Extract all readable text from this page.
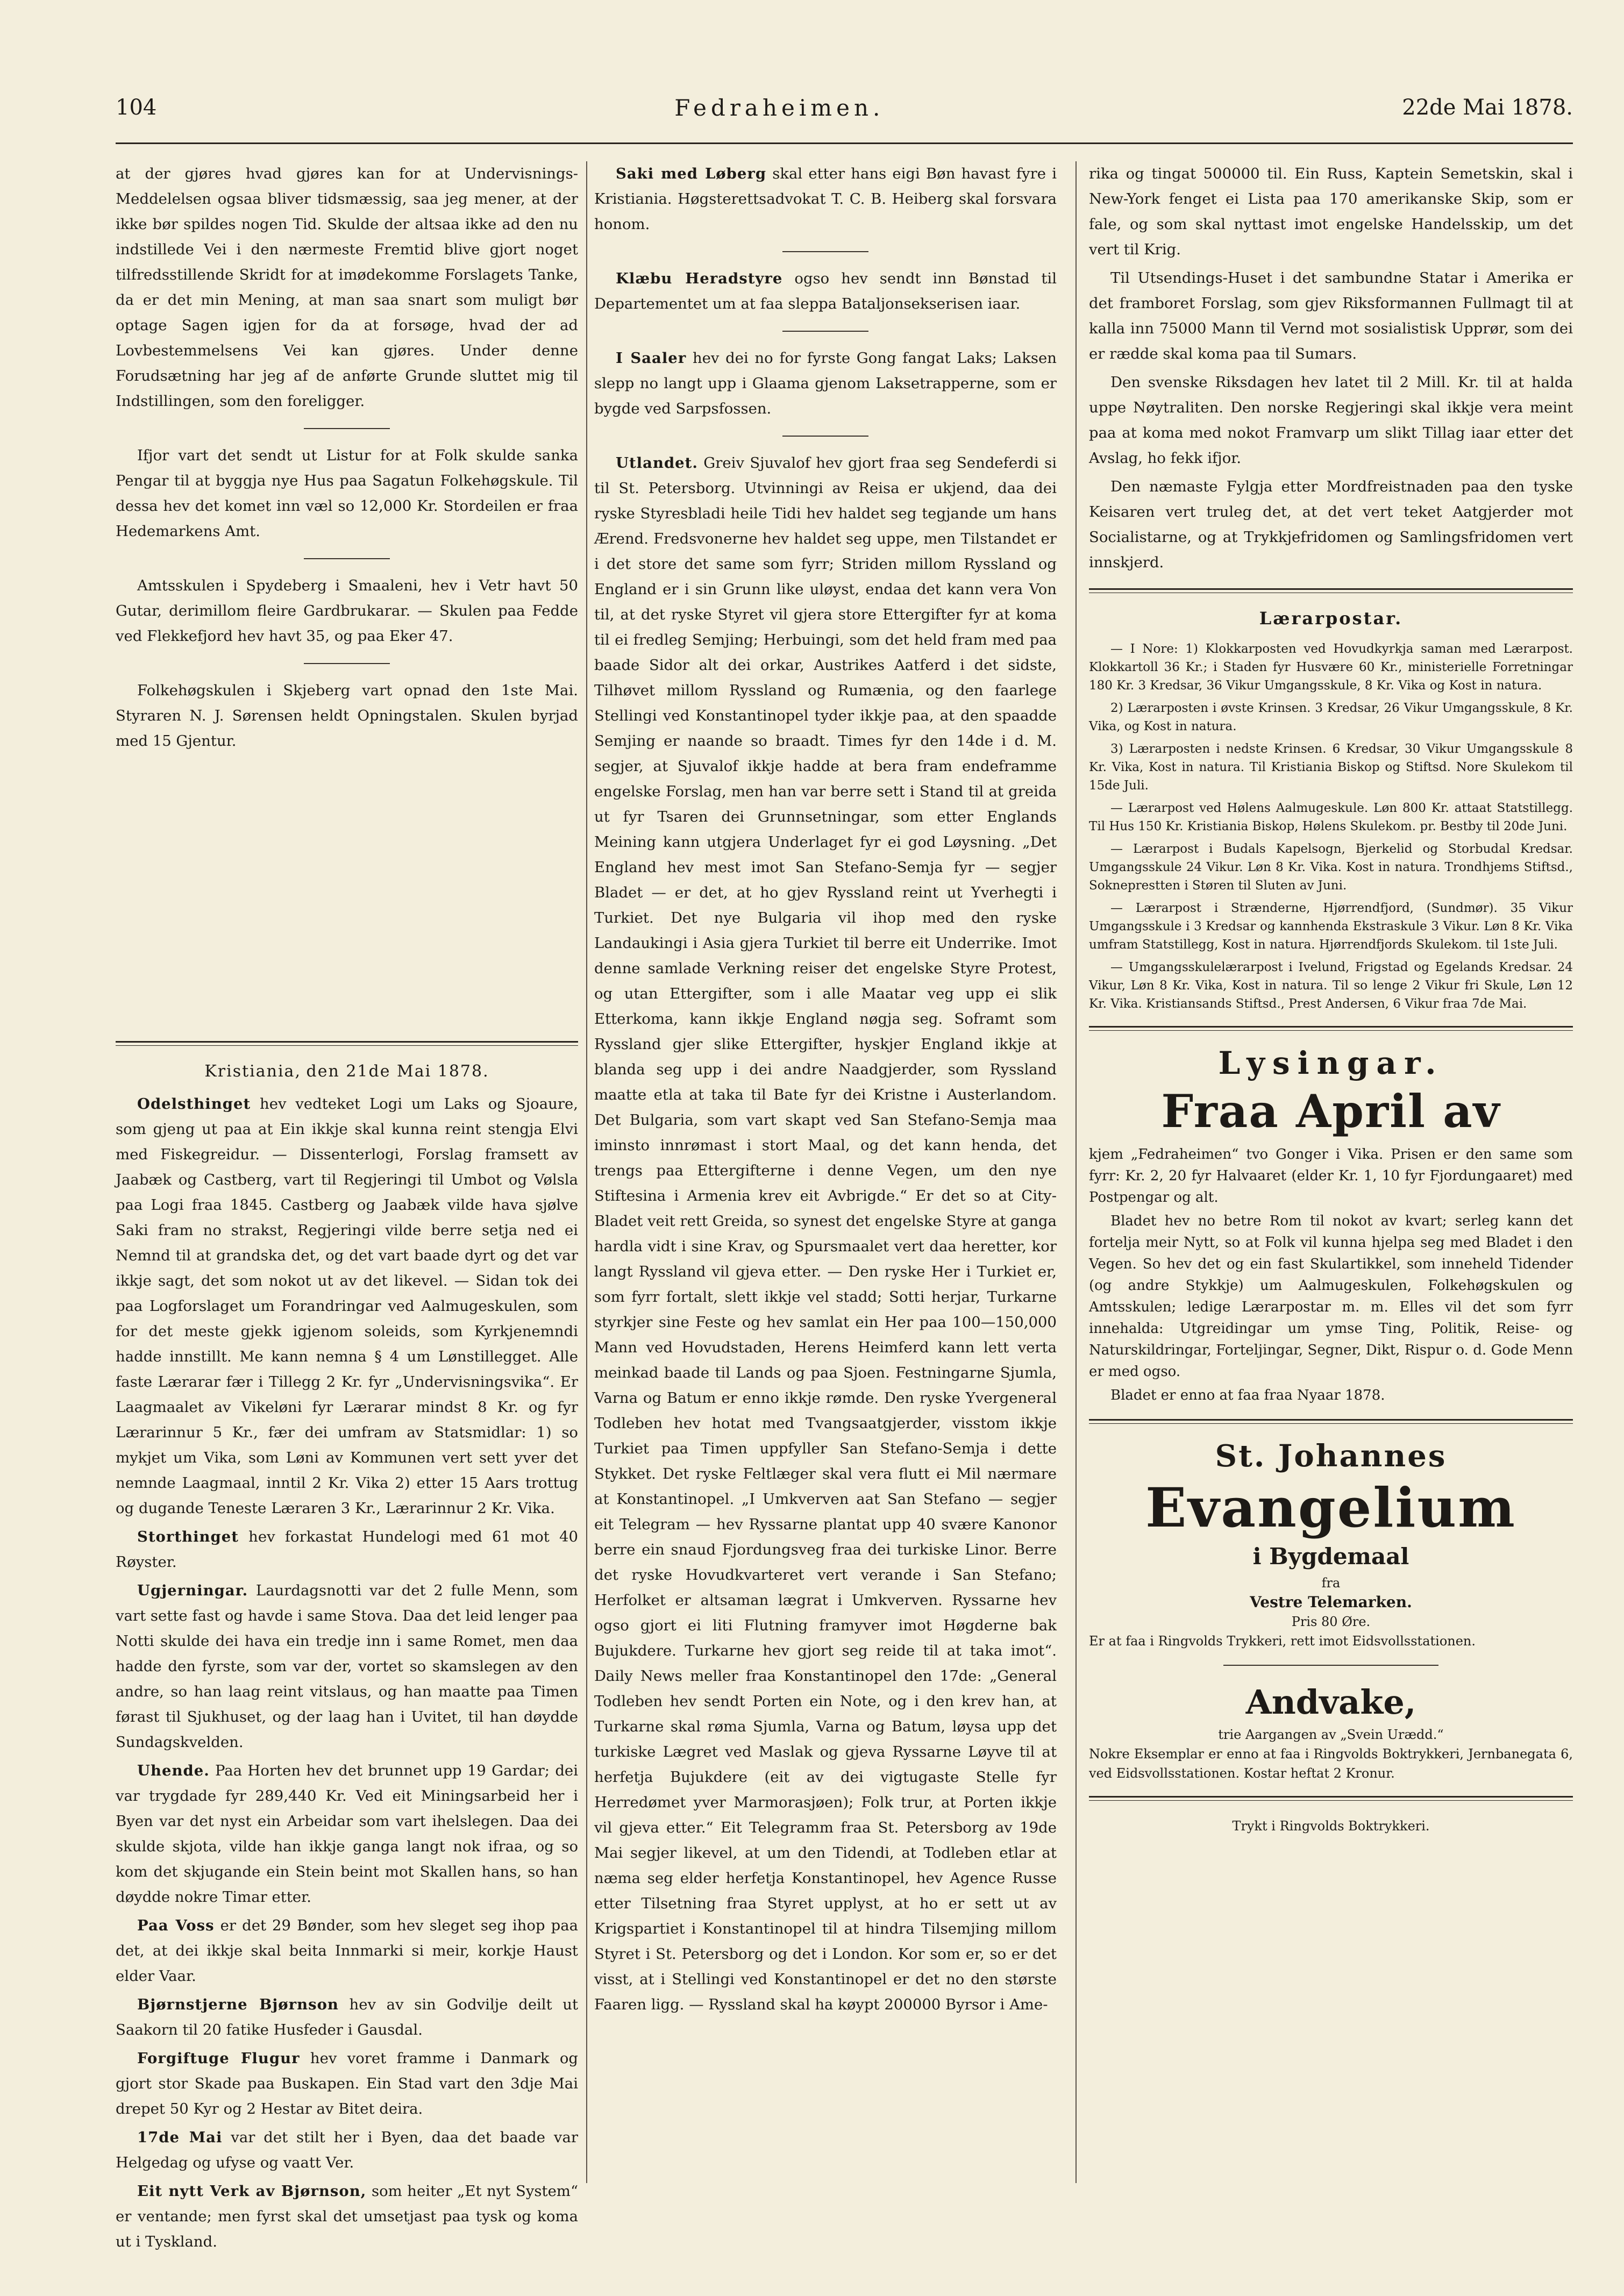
104	Fedraheimen.	22de Mai 1878.

at der gjøres hvad gjøres kan for at Undervisnings-Meddelelsen ogsaa bliver tidsmæssig, saa jeg mener, at der ikke bør spildes nogen Tid. Skulde der altsaa ikke ad den nu indstillede Vei i den nærmeste Fremtid blive gjort noget tilfredsstillende Skridt for at imødekomme Forslagets Tanke, da er det min Mening, at man saa snart som muligt bør optage Sagen igjen for da at forsøge, hvad der ad Lovbestemmelsens Vei kan gjøres. Under denne Forudsætning har jeg af de anførte Grunde sluttet mig til Indstillingen, som den foreligger.

Ifjor vart det sendt ut Listur for at Folk skulde sanka Pengar til at byggja nye Hus paa Sagatun Folkehøgskule. Til dessa hev det komet inn væl so 12,000 Kr. Stordeilen er fraa Hedemarkens Amt.

Amtsskulen i Spydeberg i Smaaleni, hev i Vetr havt 50 Gutar, derimillom fleire Gardbrukarar. — Skulen paa Fedde ved Flekkefjord hev havt 35, og paa Eker 47.

Folkehøgskulen i Skjeberg vart opnad den 1ste Mai. Styraren N. J. Sørensen heldt Opningstalen. Skulen byrjad med 15 Gjentur.

Kristiania, den 21de Mai 1878.

Odelsthinget hev vedteket Logi um Laks og Sjoaure, som gjeng ut paa at Ein ikkje skal kunna reint stengja Elvi med Fiskegreidur. — Dissenterlogi, Forslag framsett av Jaabæk og Castberg, vart til Regjeringi til Umbot og Vølsla paa Logi fraa 1845. Castberg og Jaabæk vilde hava sjølve Saki fram no strakst, Regjeringi vilde berre setja ned ei Nemnd til at grandska det, og det vart baade dyrt og det var ikkje sagt, det som nokot ut av det likevel. — Sidan tok dei paa Logforslaget um Forandringar ved Aalmugeskulen, som for det meste gjekk igjenom soleids, som Kyrkjenemndi hadde innstillt. Me kann nemna § 4 um Lønstillegget. Alle faste Lærarar fær i Tillegg 2 Kr. fyr „Undervisningsvika“. Er Laagmaalet av Vikeløni fyr Lærarar mindst 8 Kr. og fyr Lærarinnur 5 Kr., fær dei umfram av Statsmidlar: 1) so mykjet um Vika, som Løni av Kommunen vert sett yver det nemnde Laagmaal, inntil 2 Kr. Vika 2) etter 15 Aars trottug og dugande Teneste Læraren 3 Kr., Lærarinnur 2 Kr. Vika.

Storthinget hev forkastat Hundelogi med 61 mot 40 Røyster.

Ugjerningar. Laurdagsnotti var det 2 fulle Menn, som vart sette fast og havde i same Stova. Daa det leid lenger paa Notti skulde dei hava ein tredje inn i same Romet, men daa hadde den fyrste, som var der, vortet so skamslegen av den andre, so han laag reint vitslaus, og han maatte paa Timen førast til Sjukhuset, og der laag han i Uvitet, til han døydde Sundagskvelden.

Uhende. Paa Horten hev det brunnet upp 19 Gardar; dei var trygdade fyr 289,440 Kr. Ved eit Miningsarbeid her i Byen var det nyst ein Arbeidar som vart ihelslegen. Daa dei skulde skjota, vilde han ikkje ganga langt nok ifraa, og so kom det skjugande ein Stein beint mot Skallen hans, so han døydde nokre Timar etter.

Paa Voss er det 29 Bønder, som hev sleget seg ihop paa det, at dei ikkje skal beita Innmarki si meir, korkje Haust elder Vaar.

Bjørnstjerne Bjørnson hev av sin Godvilje deilt ut Saakorn til 20 fatike Husfeder i Gausdal.

Forgiftuge Flugur hev voret framme i Danmark og gjort stor Skade paa Buskapen. Ein Stad vart den 3dje Mai drepet 50 Kyr og 2 Hestar av Bitet deira.

17de Mai var det stilt her i Byen, daa det baade var Helgedag og ufyse og vaatt Ver.

Eit nytt Verk av Bjørnson, som heiter „Et nyt System“ er ventande; men fyrst skal det umsetjast paa tysk og koma ut i Tyskland.

Saki med Løberg skal etter hans eigi Bøn havast fyre i Kristiania. Høgsterettsadvokat T. C. B. Heiberg skal forsvara honom.

Klæbu Heradstyre ogso hev sendt inn Bønstad til Departementet um at faa sleppa Bataljonsekserisen iaar.

I Saaler hev dei no for fyrste Gong fangat Laks; Laksen slepp no langt upp i Glaama gjenom Laksetrapperne, som er bygde ved Sarpsfossen.

Utlandet. Greiv Sjuvalof hev gjort fraa seg Sendeferdi si til St. Petersborg. Utvinningi av Reisa er ukjend, daa dei ryske Styresbladi heile Tidi hev haldet seg tegjande um hans Ærend. Fredsvonerne hev haldet seg uppe, men Tilstandet er i det store det same som fyrr; Striden millom Ryssland og England er i sin Grunn like uløyst, endaa det kann vera Von til, at det ryske Styret vil gjera store Ettergifter fyr at koma til ei fredleg Semjing; Herbuingi, som det held fram med paa baade Sidor alt dei orkar, Austrikes Aatferd i det sidste, Tilhøvet millom Ryssland og Rumænia, og den faarlege Stellingi ved Konstantinopel tyder ikkje paa, at den spaadde Semjing er naande so braadt. Times fyr den 14de i d. M. segjer, at Sjuvalof ikkje hadde at bera fram endeframme engelske Forslag, men han var berre sett i Stand til at greida ut fyr Tsaren dei Grunnsetningar, som etter Englands Meining kann utgjera Underlaget fyr ei god Løysning. „Det England hev mest imot San Stefano-Semja fyr — segjer Bladet — er det, at ho gjev Ryssland reint ut Yverhegti i Turkiet. Det nye Bulgaria vil ihop med den ryske Landaukingi i Asia gjera Turkiet til berre eit Underrike. Imot denne samlade Verkning reiser det engelske Styre Protest, og utan Ettergifter, som i alle Maatar veg upp ei slik Etterkoma, kann ikkje England nøgja seg. Soframt som Ryssland gjer slike Ettergifter, hyskjer England ikkje at blanda seg upp i dei andre Naadgjerder, som Ryssland maatte etla at taka til Bate fyr dei Kristne i Austerlandom. Det Bulgaria, som vart skapt ved San Stefano-Semja maa iminsto innrømast i stort Maal, og det kann henda, det trengs paa Ettergifterne i denne Vegen, um den nye Stiftesina i Armenia krev eit Avbrigde.“ Er det so at City-Bladet veit rett Greida, so synest det engelske Styre at ganga hardla vidt i sine Krav, og Spursmaalet vert daa heretter, kor langt Ryssland vil gjeva etter. — Den ryske Her i Turkiet er, som fyrr fortalt, slett ikkje vel stadd; Sotti herjar, Turkarne styrkjer sine Feste og hev samlat ein Her paa 100—150,000 Mann ved Hovudstaden, Herens Heimferd kann lett verta meinkad baade til Lands og paa Sjoen. Festningarne Sjumla, Varna og Batum er enno ikkje rømde. Den ryske Yvergeneral Todleben hev hotat med Tvangsaatgjerder, visstom ikkje Turkiet paa Timen uppfyller San Stefano-Semja i dette Stykket. Det ryske Feltlæger skal vera flutt ei Mil nærmare at Konstantinopel. „I Umkverven aat San Stefano — segjer eit Telegram — hev Ryssarne plantat upp 40 svære Kanonor berre ein snaud Fjordungsveg fraa dei turkiske Linor. Berre det ryske Hovudkvarteret vert verande i San Stefano; Herfolket er altsaman lægrat i Umkverven. Ryssarne hev ogso gjort ei liti Flutning framyver imot Høgderne bak Bujukdere. Turkarne hev gjort seg reide til at taka imot“. Daily News meller fraa Konstantinopel den 17de: „General Todleben hev sendt Porten ein Note, og i den krev han, at Turkarne skal røma Sjumla, Varna og Batum, løysa upp det turkiske Lægret ved Maslak og gjeva Ryssarne Løyve til at herfetja Bujukdere (eit av dei vigtugaste Stelle fyr Herredømet yver Marmorasjøen); Folk trur, at Porten ikkje vil gjeva etter.“ Eit Telegramm fraa St. Petersborg av 19de Mai segjer likevel, at um den Tidendi, at Todleben etlar at næma seg elder herfetja Konstantinopel, hev Agence Russe etter Tilsetning fraa Styret upplyst, at ho er sett ut av Krigspartiet i Konstantinopel til at hindra Tilsemjing millom Styret i St. Petersborg og det i London. Kor som er, so er det visst, at i Stellingi ved Konstantinopel er det no den største Faaren ligg. — Ryssland skal ha køypt 200000 Byrsor i Ame-

rika og tingat 500000 til. Ein Russ, Kaptein Semetskin, skal i New-York fenget ei Lista paa 170 amerikanske Skip, som er fale, og som skal nyttast imot engelske Handelsskip, um det vert til Krig.

Til Utsendings-Huset i det sambundne Statar i Amerika er det framboret Forslag, som gjev Riksformannen Fullmagt til at kalla inn 75000 Mann til Vernd mot sosialistisk Upprør, som dei er rædde skal koma paa til Sumars.

Den svenske Riksdagen hev latet til 2 Mill. Kr. til at halda uppe Nøytraliten. Den norske Regjeringi skal ikkje vera meint paa at koma med nokot Framvarp um slikt Tillag iaar etter det Avslag, ho fekk ifjor.

Den næmaste Fylgja etter Mordfreistnaden paa den tyske Keisaren vert truleg det, at det vert teket Aatgjerder mot Socialistarne, og at Trykkjefridomen og Samlingsfridomen vert innskjerd.

Lærarpostar.

— I Nore: 1) Klokkarposten ved Hovudkyrkja saman med Lærarpost. Klokkartoll 36 Kr.; i Staden fyr Husvære 60 Kr., ministerielle Forretningar 180 Kr. 3 Kredsar, 36 Vikur Umgangsskule, 8 Kr. Vika og Kost in natura.

2) Lærarposten i øvste Krinsen. 3 Kredsar, 26 Vikur Umgangsskule, 8 Kr. Vika, og Kost in natura.

3) Lærarposten i nedste Krinsen. 6 Kredsar, 30 Vikur Umgangsskule 8 Kr. Vika, Kost in natura. Til Kristiania Biskop og Stiftsd. Nore Skulekom til 15de Juli.

— Lærarpost ved Hølens Aalmugeskule. Løn 800 Kr. attaat Statstillegg. Til Hus 150 Kr. Kristiania Biskop, Hølens Skulekom. pr. Bestby til 20de Juni.

— Lærarpost i Budals Kapelsogn, Bjerkelid og Storbudal Kredsar. Umgangsskule 24 Vikur. Løn 8 Kr. Vika. Kost in natura. Trondhjems Stiftsd., Sokneprestten i Støren til Sluten av Juni.

— Lærarpost i Strænderne, Hjørrendfjord, (Sundmør). 35 Vikur Umgangsskule i 3 Kredsar og kannhenda Ekstraskule 3 Vikur. Løn 8 Kr. Vika umfram Statstillegg, Kost in natura. Hjørrendfjords Skulekom. til 1ste Juli.

— Umgangsskulelærarpost i Ivelund, Frigstad og Egelands Kredsar. 24 Vikur, Løn 8 Kr. Vika, Kost in natura. Til so lenge 2 Vikur fri Skule, Løn 12 Kr. Vika. Kristiansands Stiftsd., Prest Andersen, 6 Vikur fraa 7de Mai.

Lysingar.
Fraa April av

kjem „Fedraheimen“ tvo Gonger i Vika. Prisen er den same som fyrr: Kr. 2, 20 fyr Halvaaret (elder Kr. 1, 10 fyr Fjordungaaret) med Postpengar og alt.

Bladet hev no betre Rom til nokot av kvart; serleg kann det fortelja meir Nytt, so at Folk vil kunna hjelpa seg med Bladet i den Vegen. So hev det og ein fast Skulartikkel, som inneheld Tidender (og andre Stykkje) um Aalmugeskulen, Folkehøgskulen og Amtsskulen; ledige Lærarpostar m. m. Elles vil det som fyrr innehalda: Utgreidingar um ymse Ting, Politik, Reise- og Naturskildringar, Forteljingar, Segner, Dikt, Rispur o. d. Gode Menn er med ogso.

Bladet er enno at faa fraa Nyaar 1878.

St. Johannes
Evangelium
i Bygdemaal
fra
Vestre Telemarken.
Pris 80 Øre.
Er at faa i Ringvolds Trykkeri, rett imot Eidsvollsstationen.
Andvake,
trie Aargangen av „Svein Urædd.“
Nokre Eksemplar er enno at faa i Ringvolds Boktrykkeri, Jernbanegata 6, ved Eidsvollsstationen. Kostar heftat 2 Kronur.
Trykt i Ringvolds Boktrykkeri.
